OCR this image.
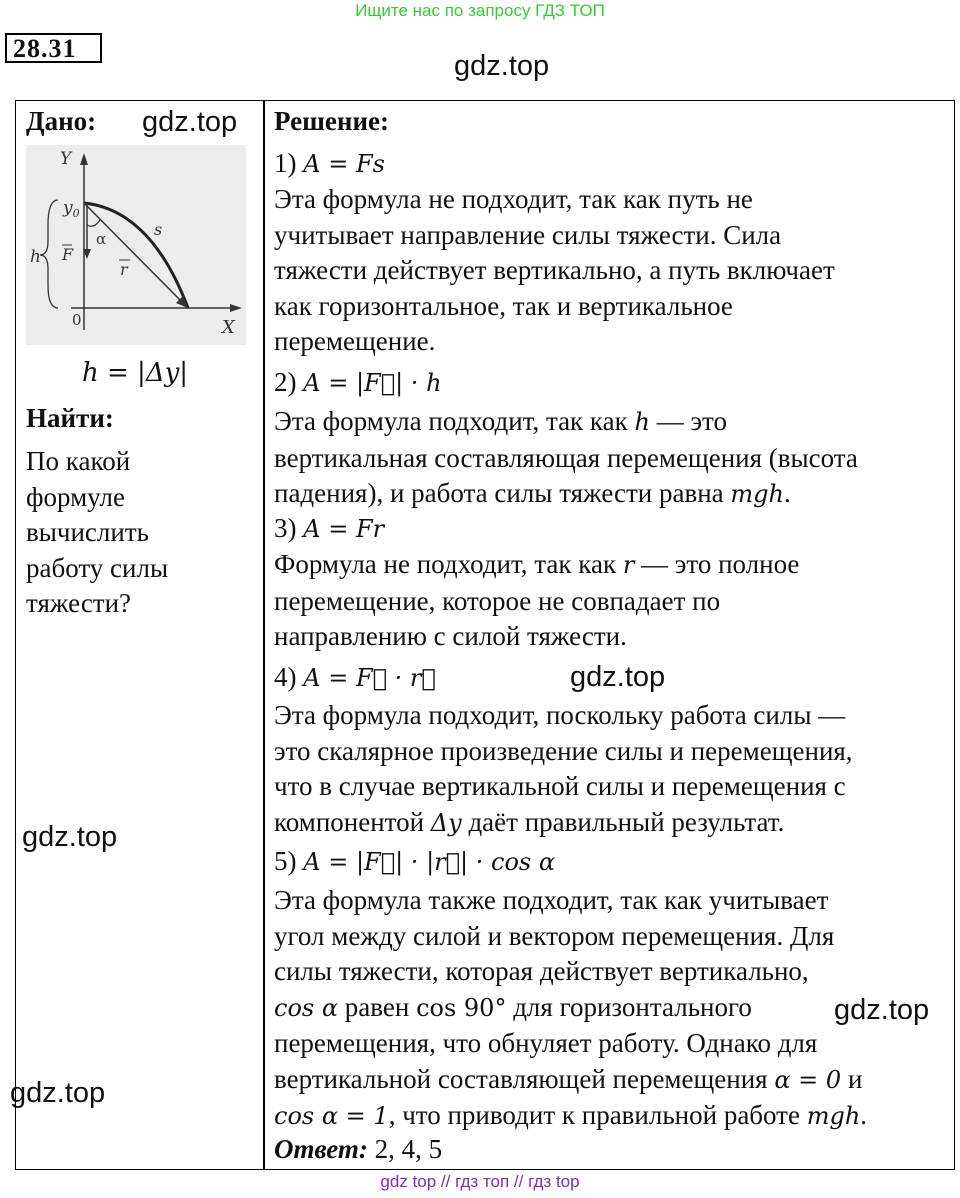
Ищите нас по запросу ГДЗ ТОП
28.31
gdz.top
gdz.top
gdz.top
gdz.top
gdz.top
gdz.top
Дано:
Y
X
$y_0$
0
h
α
F
s
r
h = |Δy|
Найти:
По какой
формуле
вычислить
работу силы
тяжести?
Решение:
1) A = Fs
Эта формула не подходит, так как путь не
учитывает направление силы тяжести. Сила
тяжести действует вертикально, а путь включает
как горизонтальное, так и вертикальное
перемещение.
2) A = |F⃗| · h
Эта формула подходит, так как h — это
вертикальная составляющая перемещения (высота
падения), и работа силы тяжести равна mgh.
3) A = Fr
Формула не подходит, так как r — это полное
перемещение, которое не совпадает по
направлению с силой тяжести.
4) A = F⃗ · r⃗
Эта формула подходит, поскольку работа силы —
это скалярное произведение силы и перемещения,
что в случае вертикальной силы и перемещения с
компонентой Δy даёт правильный результат.
5) A = |F⃗| · |r⃗| · cos α
Эта формула также подходит, так как учитывает
угол между силой и вектором перемещения. Для
силы тяжести, которая действует вертикально,
cos α равен cos 90° для горизонтального
перемещения, что обнуляет работу. Однако для
вертикальной составляющей перемещения α = 0 и
cos α = 1, что приводит к правильной работе mgh.
Ответ: 2, 4, 5
gdz top // гдз топ // гдз top
